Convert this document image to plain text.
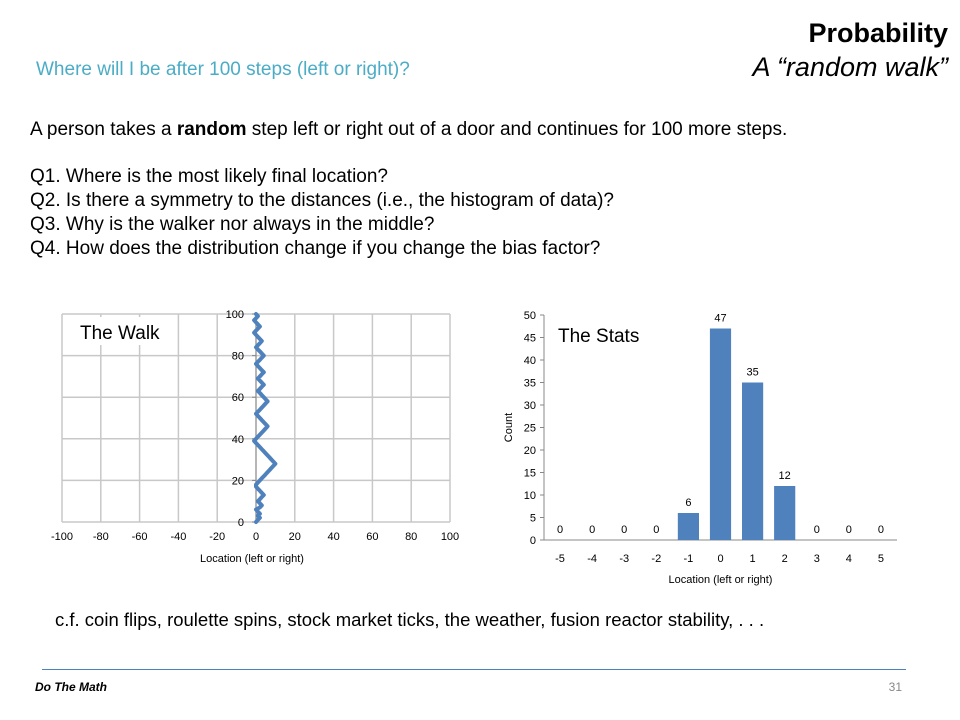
Probability
A “random walk”
Where will I be after 100 steps (left or right)?

A person takes a random step left or right out of a door and continues for 100 more steps.

Q1. Where is the most likely final location?

Q2. Is there a symmetry to the distances (i.e., the histogram of data)?

Q3. Why is the walker nor always in the middle?

Q4. How does the distribution change if you change the bias factor?

-100 -80 -60 -40 -20	0	20 40 60 80 100
0
20
40
60
80
100
The Walk
Location (left or right)
0
5
10
15
20
25
30
35
40
45
50
0
-5
0
-4
0
-3
0
-2
6
-1
47
0
35
1
12
2
0
3
0
4
0
5
The Stats
Location (left or right)
Count
c.f. coin flips, roulette spins, stock market ticks, the weather, fusion reactor stability, . . .
Do The Math	31
